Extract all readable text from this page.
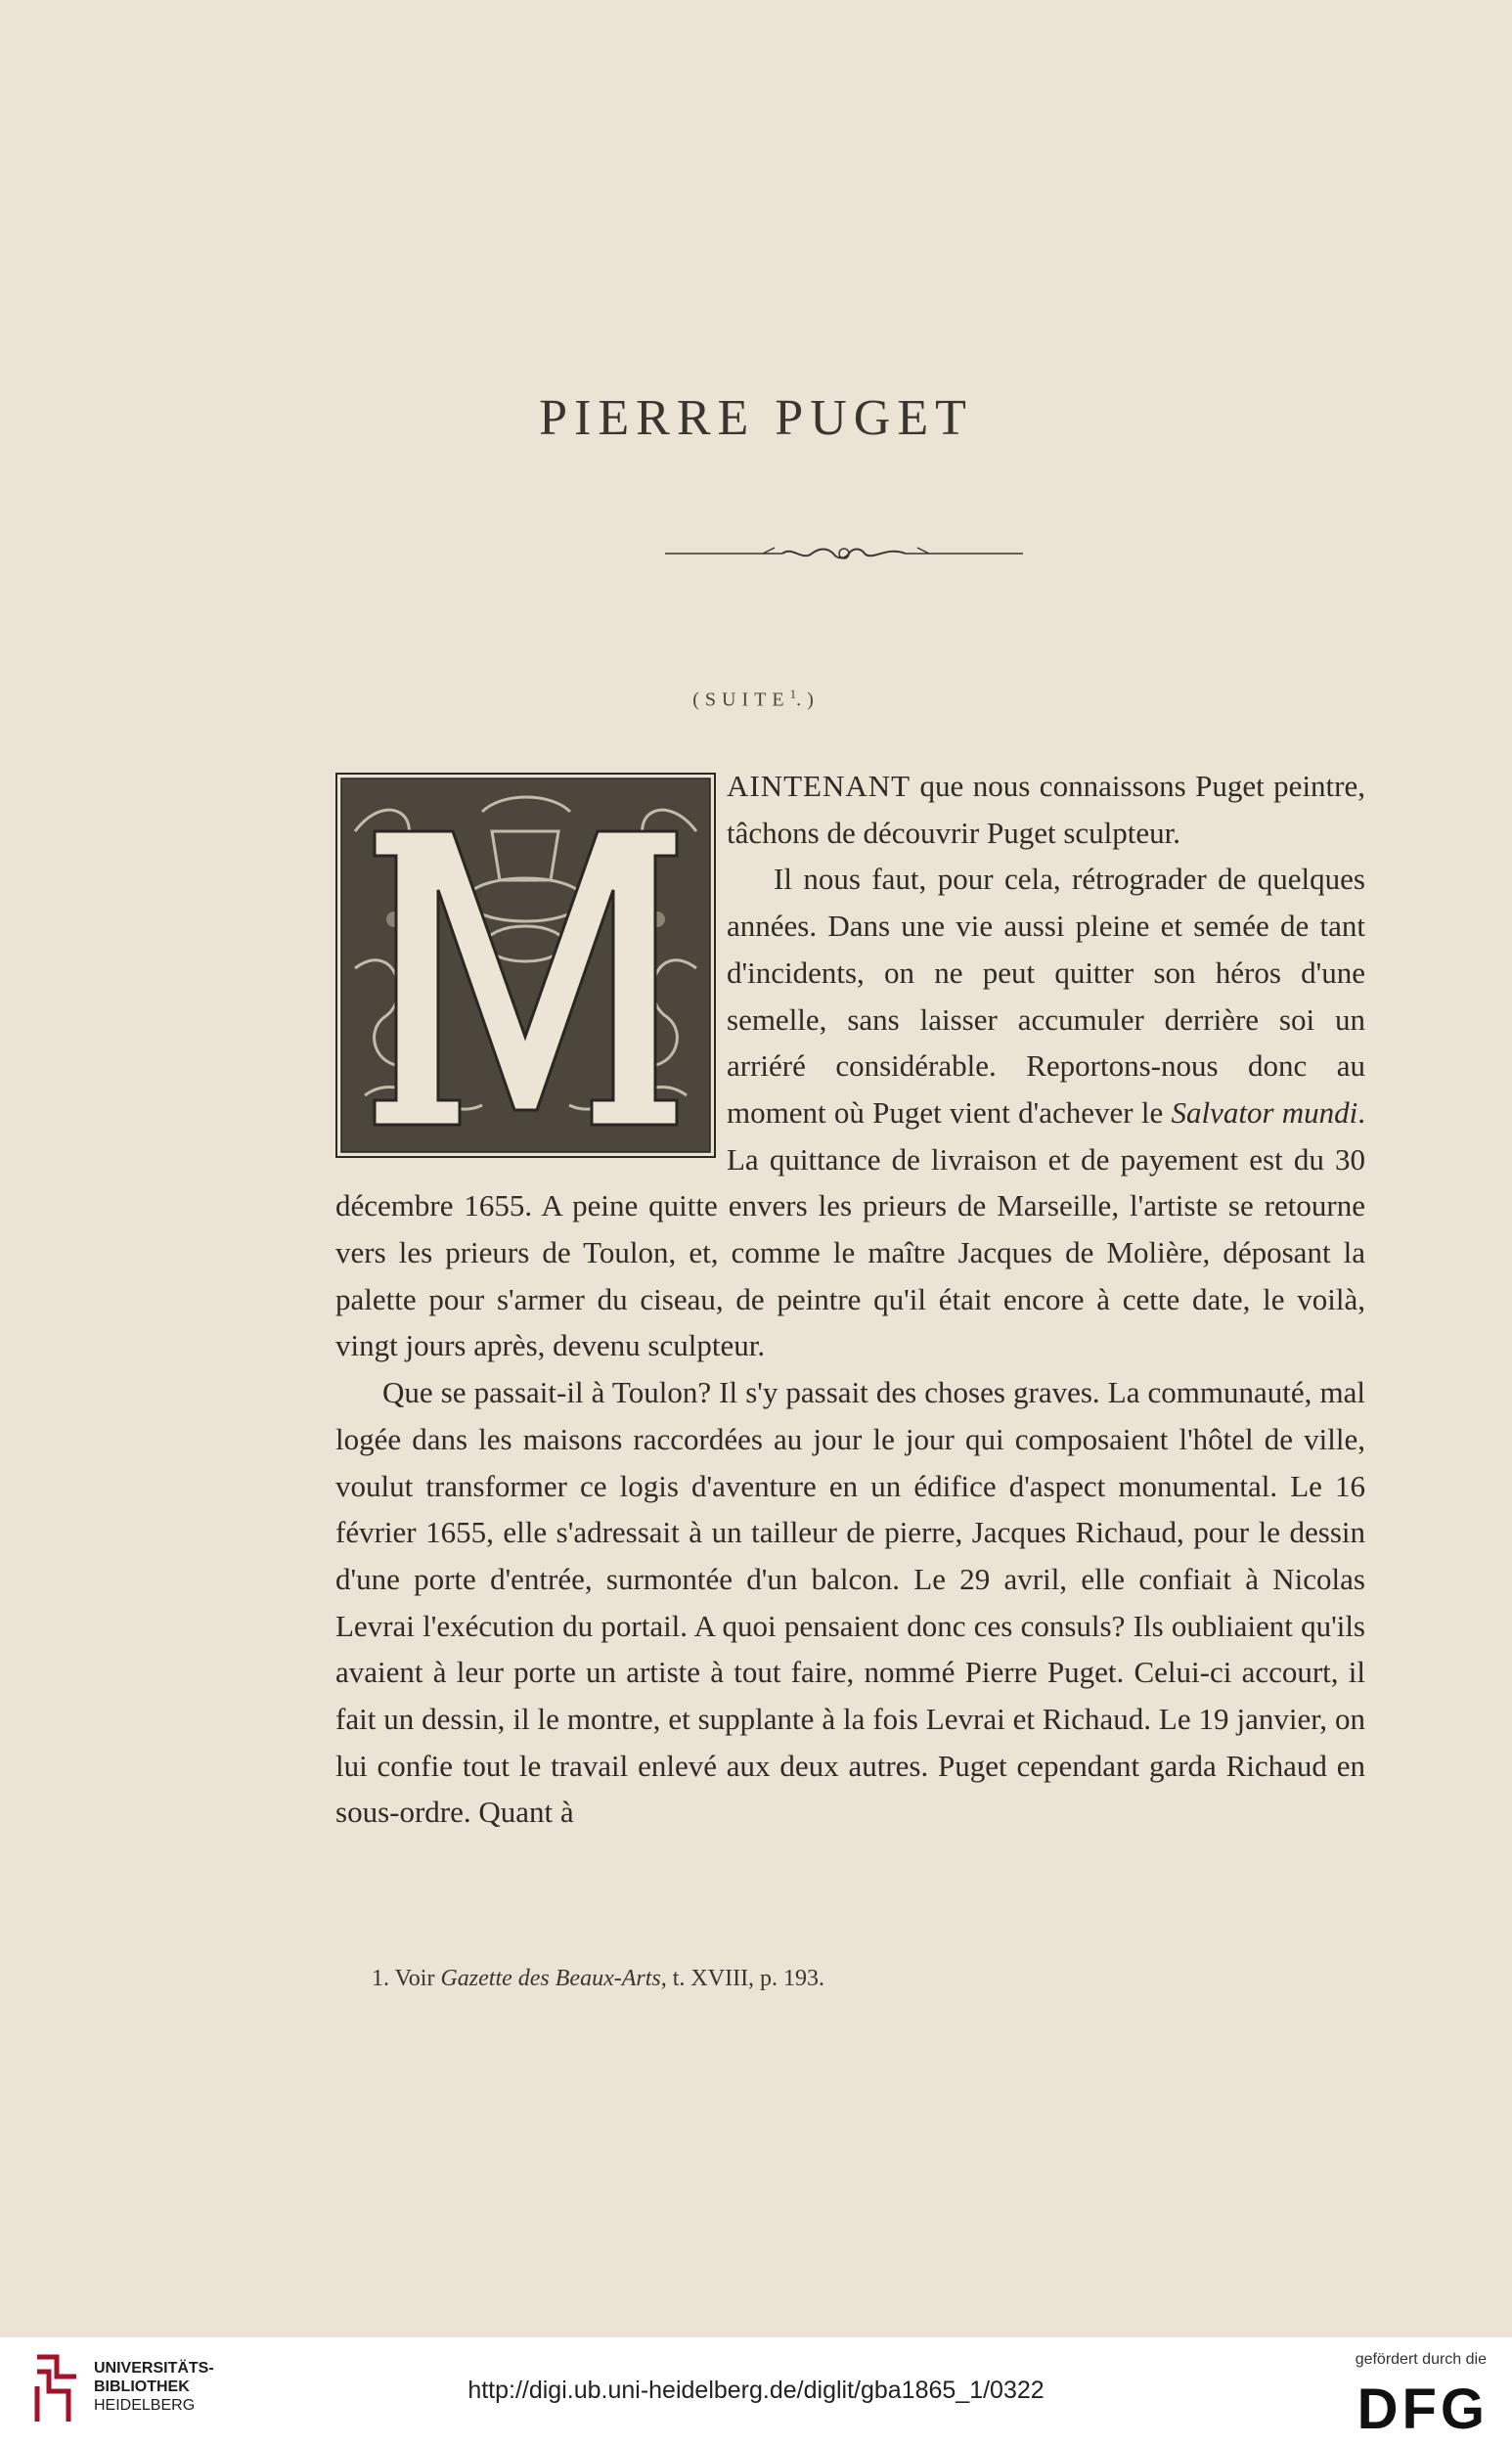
PIERRE PUGET
(SUITE$^1$.)

AINTENANT que nous connaissons Puget peintre, tâchons de découvrir Puget sculpteur.

Il nous faut, pour cela, rétrograder de quelques années. Dans une vie aussi pleine et semée de tant d'incidents, on ne peut quitter son héros d'une semelle, sans laisser accumuler derrière soi un arriéré considérable. Reportons-nous donc au moment où Puget vient d'achever le Salvator mundi. La quittance de livraison et de payement est du 30 décembre 1655. A peine quitte envers les prieurs de Marseille, l'artiste se retourne vers les prieurs de Toulon, et, comme le maître Jacques de Molière, déposant la palette pour s'armer du ciseau, de peintre qu'il était encore à cette date, le voilà, vingt jours après, devenu sculpteur.

Que se passait-il à Toulon? Il s'y passait des choses graves. La communauté, mal logée dans les maisons raccordées au jour le jour qui composaient l'hôtel de ville, voulut transformer ce logis d'aventure en un édifice d'aspect monumental. Le 16 février 1655, elle s'adressait à un tailleur de pierre, Jacques Richaud, pour le dessin d'une porte d'entrée, surmontée d'un balcon. Le 29 avril, elle confiait à Nicolas Levrai l'exécution du portail. A quoi pensaient donc ces consuls? Ils oubliaient qu'ils avaient à leur porte un artiste à tout faire, nommé Pierre Puget. Celui-ci accourt, il fait un dessin, il le montre, et supplante à la fois Levrai et Richaud. Le 19 janvier, on lui confie tout le travail enlevé aux deux autres. Puget cependant garda Richaud en sous-ordre. Quant à

1. Voir Gazette des Beaux-Arts, t. XVIII, p. 193.
UNIVERSITÄTS-
BIBLIOTHEK
HEIDELBERG
http://digi.ub.uni-heidelberg.de/diglit/gba1865_1/0322
gefördert durch die
DFG
